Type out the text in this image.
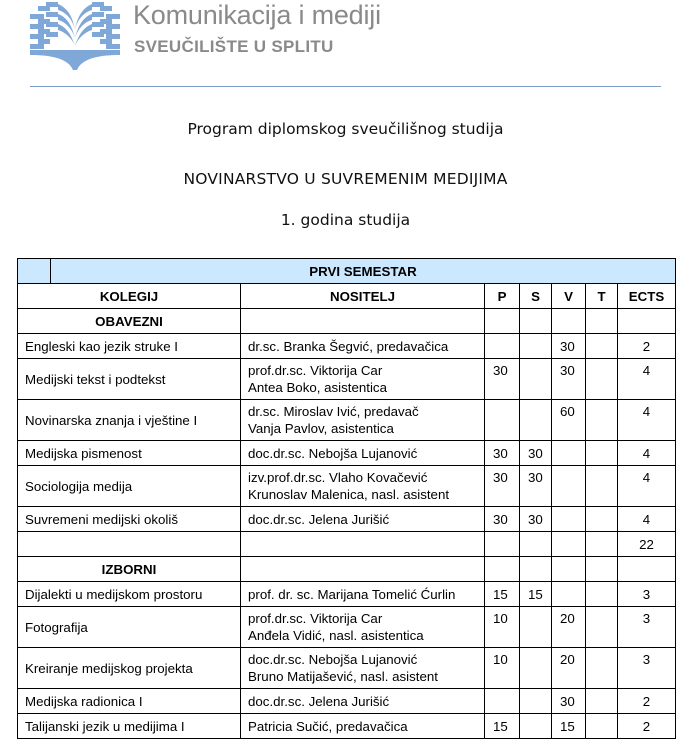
Komunikacija i mediji
SVEUČILIŠTE U SPLITU
Program diplomskog sveučilišnog studija
NOVINARSTVO U SUVREMENIM MEDIJIMA
1. godina studija
	PRVI SEMESTAR						
KOLEGIJ		NOSITELJ	P	S	V	T	ECTS
OBAVEZNI							
Engleski kao jezik struke I		dr.sc. Branka Šegvić, predavačica			30		2
Medijski tekst i podtekst		prof.dr.sc. Viktorija Car
Antea Boko, asistentica	30		30		4
Novinarska znanja i vještine I		dr.sc. Miroslav Ivić, predavač
Vanja Pavlov, asistentica			60		4
Medijska pismenost		doc.dr.sc. Nebojša Lujanović	30	30			4
Sociologija medija		izv.prof.dr.sc. Vlaho Kovačević
Krunoslav Malenica, nasl. asistent	30	30			4
Suvremeni medijski okoliš		doc.dr.sc. Jelena Jurišić	30	30			4
							22
IZBORNI							
Dijalekti u medijskom prostoru		prof. dr. sc. Marijana Tomelić Ćurlin	15	15			3
Fotografija		prof.dr.sc. Viktorija Car
Anđela Vidić, nasl. asistentica	10		20		3
Kreiranje medijskog projekta		doc.dr.sc. Nebojša Lujanović
Bruno Matijašević, nasl. asistent	10		20		3
Medijska radionica I		doc.dr.sc. Jelena Jurišić			30		2
Talijanski jezik u medijima I		Patricia Sučić, predavačica	15		15		2
